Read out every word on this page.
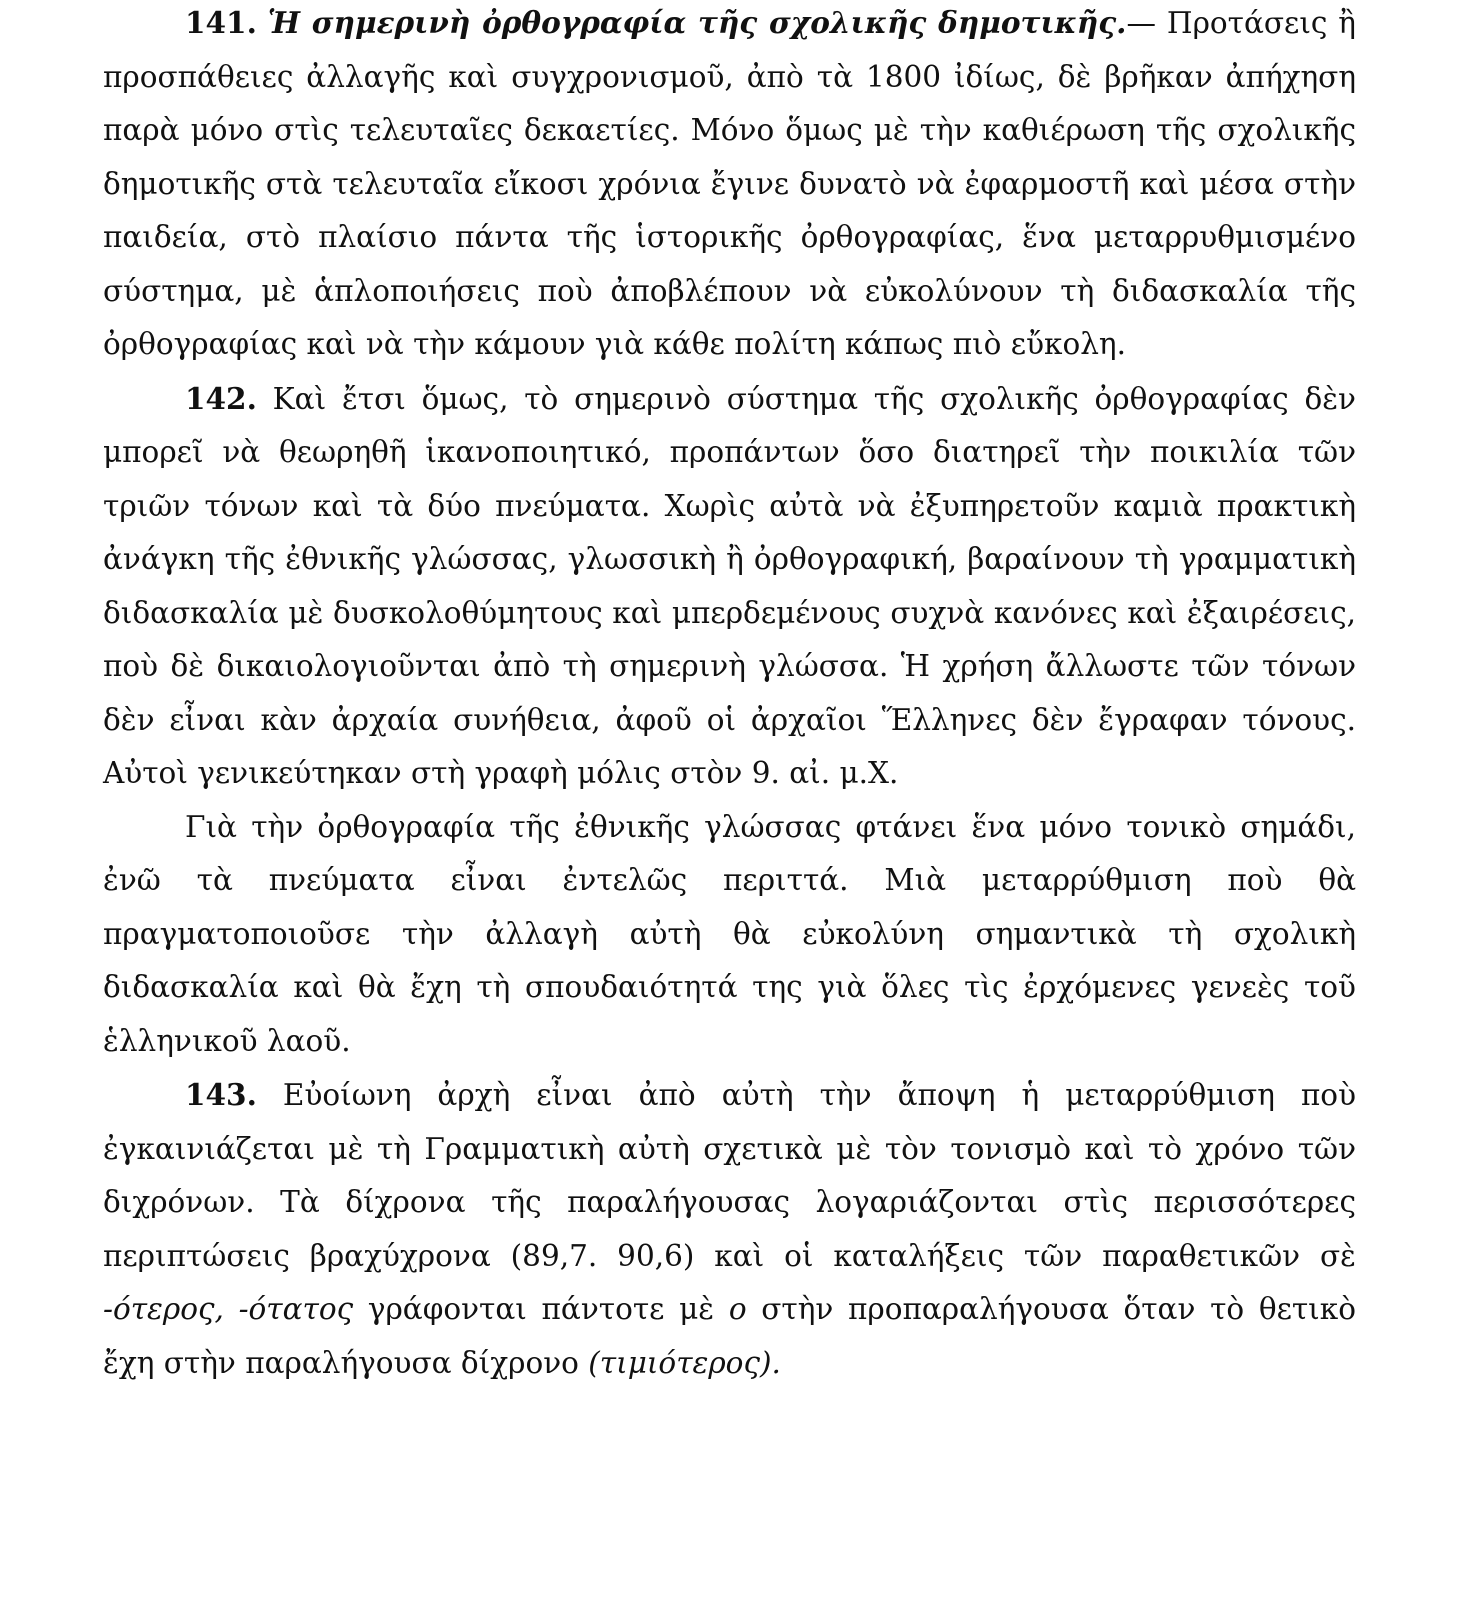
141. Ἡ σημερινὴ ὀρθογραφία τῆς σχολικῆς δημοτικῆς.— Προτάσεις ἢ προσπάθειες ἀλλαγῆς καὶ συγχρονισμοῦ, ἀπὸ τὰ 1800 ἰδίως, δὲ βρῆκαν ἀπήχηση παρὰ μόνο στὶς τελευταῖες δεκαετίες. Μόνο ὅμως μὲ τὴν καθιέρωση τῆς σχολικῆς δημοτικῆς στὰ τελευταῖα εἴκοσι χρόνια ἔγινε δυνατὸ νὰ ἐφαρμοστῆ καὶ μέσα στὴν παιδεία, στὸ πλαίσιο πάντα τῆς ἱστορικῆς ὀρθογραφίας, ἕνα μεταρρυθμισμένο σύστημα, μὲ ἁπλοποιήσεις ποὺ ἀποβλέπουν νὰ εὐκολύνουν τὴ διδασκαλία τῆς ὀρθογραφίας καὶ νὰ τὴν κάμουν γιὰ κάθε πολίτη κάπως πιὸ εὔκολη.

142. Καὶ ἔτσι ὅμως, τὸ σημερινὸ σύστημα τῆς σχολικῆς ὀρθογραφίας δὲν μπορεῖ νὰ θεωρηθῆ ἱκανοποιητικό, προπάντων ὅσο διατηρεῖ τὴν ποικιλία τῶν τριῶν τόνων καὶ τὰ δύο πνεύματα. Χωρὶς αὐτὰ νὰ ἐξυπηρετοῦν καμιὰ πρακτικὴ ἀνάγκη τῆς ἐθνικῆς γλώσσας, γλωσσικὴ ἢ ὀρθογραφική, βαραίνουν τὴ γραμματικὴ διδασκαλία μὲ δυσκολοθύμητους καὶ μπερδεμένους συχνὰ κανόνες καὶ ἐξαιρέσεις, ποὺ δὲ δικαιολογιοῦνται ἀπὸ τὴ σημερινὴ γλώσσα. Ἡ χρήση ἄλλωστε τῶν τόνων δὲν εἶναι κὰν ἀρχαία συνήθεια, ἀφοῦ οἱ ἀρχαῖοι Ἕλληνες δὲν ἔγραφαν τόνους. Αὐτοὶ γενικεύτηκαν στὴ γραφὴ μόλις στὸν 9. αἰ. μ.Χ.

Γιὰ τὴν ὀρθογραφία τῆς ἐθνικῆς γλώσσας φτάνει ἕνα μόνο τονικὸ σημάδι, ἐνῶ τὰ πνεύματα εἶναι ἐντελῶς περιττά. Μιὰ μεταρρύθμιση ποὺ θὰ πραγματοποιοῦσε τὴν ἀλλαγὴ αὐτὴ θὰ εὐκολύνη σημαντικὰ τὴ σχολικὴ διδασκαλία καὶ θὰ ἔχη τὴ σπουδαιότητά της γιὰ ὅλες τὶς ἐρχόμενες γενεὲς τοῦ ἑλληνικοῦ λαοῦ.

143. Εὐοίωνη ἀρχὴ εἶναι ἀπὸ αὐτὴ τὴν ἄποψη ἡ μεταρρύθμιση ποὺ ἐγκαινιάζεται μὲ τὴ Γραμματικὴ αὐτὴ σχετικὰ μὲ τὸν τονισμὸ καὶ τὸ χρόνο τῶν διχρόνων. Τὰ δίχρονα τῆς παραλήγουσας λογαριάζονται στὶς περισσότερες περιπτώσεις βραχύχρονα (89,7. 90,6) καὶ οἱ καταλήξεις τῶν παραθετικῶν σὲ -ότερος, -ότατος γράφονται πάντοτε μὲ ο στὴν προπαραλήγουσα ὅταν τὸ θετικὸ ἔχη στὴν παραλήγουσα δίχρονο (τιμιότερος).
